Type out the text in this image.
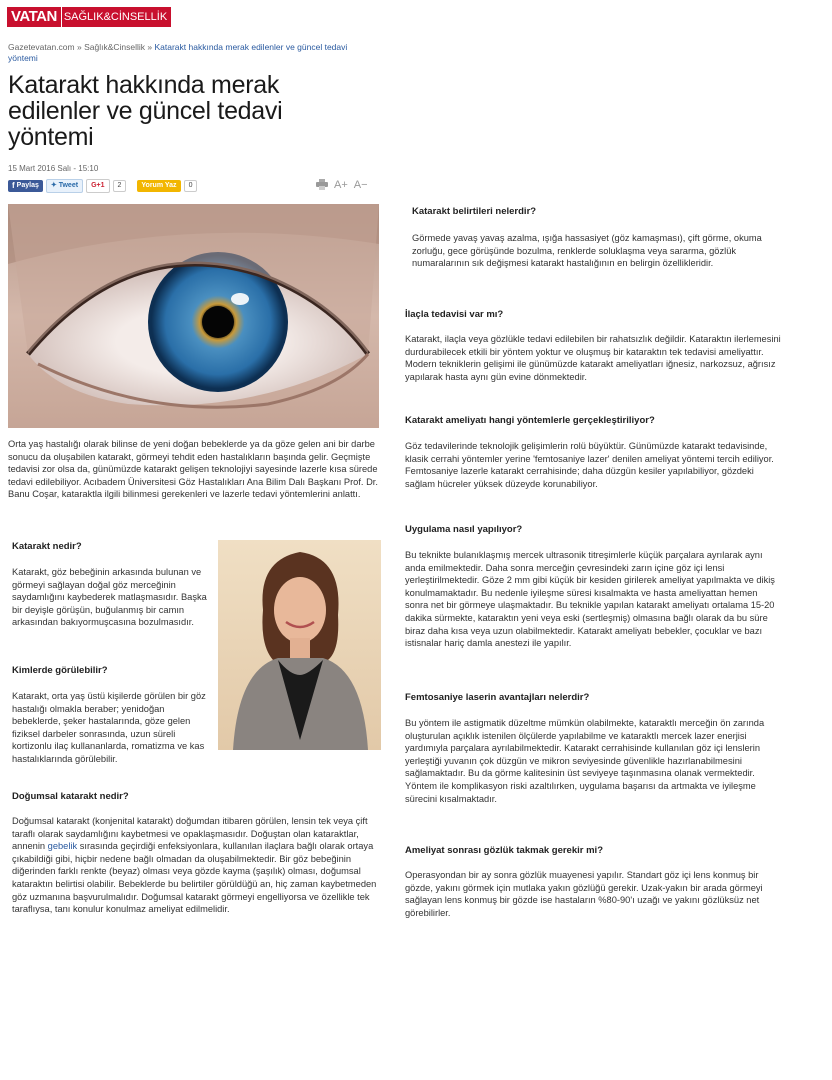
VATAN SAĞLIK&CİNSELLİK
Gazetevatan.com » Sağlık&Cinsellik » Katarakt hakkında merak edilenler ve güncel tedavi yöntemi
Katarakt hakkında merak edilenler ve güncel tedavi yöntemi
15 Mart 2016 Salı - 15:10
f Paylaş ✦ Tweet	G+1	2	Yorum Yaz	0	A+ A−
Orta yaş hastalığı olarak bilinse de yeni doğan bebeklerde ya da göze gelen ani bir darbe sonucu da oluşabilen katarakt, görmeyi tehdit eden hastalıkların başında gelir. Geçmişte tedavisi zor olsa da, günümüzde katarakt gelişen teknolojiyi sayesinde lazerle kısa sürede tedavi edilebiliyor. Acıbadem Üniversitesi Göz Hastalıkları Ana Bilim Dalı Başkanı Prof. Dr. Banu Coşar, kataraktla ilgili bilinmesi gerekenleri ve lazerle tedavi yöntemlerini anlattı.
Katarakt nedir?
Katarakt, göz bebeğinin arkasında bulunan ve görmeyi sağlayan doğal göz merceğinin saydamlığını kaybederek matlaşmasıdır. Başka bir deyişle görüşün, buğulanmış bir camın arkasından bakıyormuşcasına bozulmasıdır.
Kimlerde görülebilir?
Katarakt, orta yaş üstü kişilerde görülen bir göz hastalığı olmakla beraber; yenidoğan bebeklerde, şeker hastalarında, göze gelen fiziksel darbeler sonrasında, uzun süreli kortizonlu ilaç kullananlarda, romatizma ve kas hastalıklarında görülebilir.
Doğumsal katarakt nedir?
Doğumsal katarakt (konjenital katarakt) doğumdan itibaren görülen, lensin tek veya çift taraflı olarak saydamlığını kaybetmesi ve opaklaşmasıdır. Doğuştan olan kataraktlar, annenin gebelik sırasında geçirdiği enfeksiyonlara, kullanılan ilaçlara bağlı olarak ortaya çıkabildiği gibi, hiçbir nedene bağlı olmadan da oluşabilmektedir. Bir göz bebeğinin diğerinden farklı renkte (beyaz) olması veya gözde kayma (şaşılık) olması, doğumsal kataraktın belirtisi olabilir. Bebeklerde bu belirtiler görüldüğü an, hiç zaman kaybetmeden göz uzmanına başvurulmalıdır. Doğumsal katarakt görmeyi engelliyorsa ve özellikle tek taraflıysa, tanı konulur konulmaz ameliyat edilmelidir.
Katarakt belirtileri nelerdir?
Görmede yavaş yavaş azalma, ışığa hassasiyet (göz kamaşması), çift görme, okuma zorluğu, gece görüşünde bozulma, renklerde soluklaşma veya sararma, gözlük numaralarının sık değişmesi katarakt hastalığının en belirgin özellikleridir.
İlaçla tedavisi var mı?
Katarakt, ilaçla veya gözlükle tedavi edilebilen bir rahatsızlık değildir. Kataraktın ilerlemesini durdurabilecek etkili bir yöntem yoktur ve oluşmuş bir kataraktın tek tedavisi ameliyattır. Modern tekniklerin gelişimi ile günümüzde katarakt ameliyatları iğnesiz, narkozsuz, ağrısız yapılarak hasta aynı gün evine dönmektedir.
Katarakt ameliyatı hangi yöntemlerle gerçekleştiriliyor?
Göz tedavilerinde teknolojik gelişimlerin rolü büyüktür. Günümüzde katarakt tedavisinde, klasik cerrahi yöntemler yerine 'femtosaniye lazer' denilen ameliyat yöntemi tercih ediliyor. Femtosaniye lazerle katarakt cerrahisinde; daha düzgün kesiler yapılabiliyor, gözdeki sağlam hücreler yüksek düzeyde korunabiliyor.
Uygulama nasıl yapılıyor?
Bu teknikte bulanıklaşmış mercek ultrasonik titreşimlerle küçük parçalara ayrılarak aynı anda emilmektedir. Daha sonra merceğin çevresindeki zarın içine göz içi lensi yerleştirilmektedir. Göze 2 mm gibi küçük bir kesiden girilerek ameliyat yapılmakta ve dikiş konulmamaktadır. Bu nedenle iyileşme süresi kısalmakta ve hasta ameliyattan hemen sonra net bir görmeye ulaşmaktadır. Bu teknikle yapılan katarakt ameliyatı ortalama 15-20 dakika sürmekte, kataraktın yeni veya eski (sertleşmiş) olmasına bağlı olarak da bu süre biraz daha kısa veya uzun olabilmektedir. Katarakt ameliyatı bebekler, çocuklar ve bazı istisnalar hariç damla anestezi ile yapılır.
Femtosaniye laserin avantajları nelerdir?
Bu yöntem ile astigmatik düzeltme mümkün olabilmekte, kataraktlı merceğin ön zarında oluşturulan açıklık istenilen ölçülerde yapılabilme ve kataraktlı mercek lazer enerjisi yardımıyla parçalara ayrılabilmektedir. Katarakt cerrahisinde kullanılan göz içi lenslerin yerleştiği yuvanın çok düzgün ve mikron seviyesinde güvenlikle hazırlanabilmesini sağlamaktadır. Bu da görme kalitesinin üst seviyeye taşınmasına olanak vermektedir. Yöntem ile komplikasyon riski azaltılırken, uygulama başarısı da artmakta ve iyileşme sürecini kısalmaktadır.
Ameliyat sonrası gözlük takmak gerekir mi?
Operasyondan bir ay sonra gözlük muayenesi yapılır. Standart göz içi lens konmuş bir gözde, yakını görmek için mutlaka yakın gözlüğü gerekir. Uzak-yakın bir arada görmeyi sağlayan lens konmuş bir gözde ise hastaların %80-90'ı uzağı ve yakını gözlüksüz net görebilirler.
